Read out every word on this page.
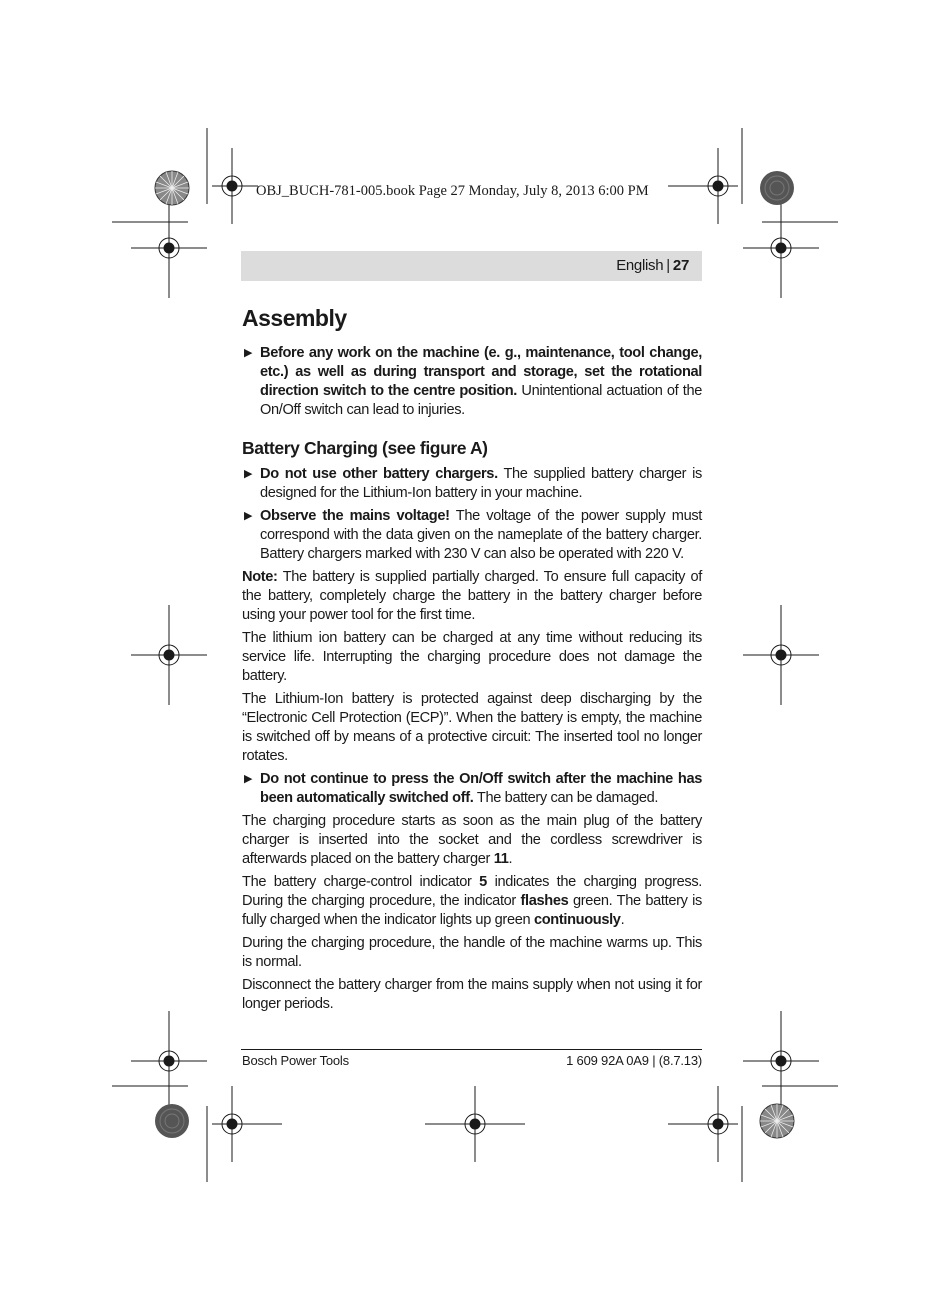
OBJ_BUCH-781-005.book Page 27 Monday, July 8, 2013 6:00 PM
English | 27
Assembly
▶ Before any work on the machine (e. g., maintenance, tool change, etc.) as well as during transport and storage, set the rotational direction switch to the centre position. Unintentional actuation of the On/Off switch can lead to injuries.
Battery Charging (see figure A)
▶ Do not use other battery chargers. The supplied battery charger is designed for the Lithium-Ion battery in your machine.
▶ Observe the mains voltage! The voltage of the power supply must correspond with the data given on the nameplate of the battery charger. Battery chargers marked with 230 V can also be operated with 220 V.

Note: The battery is supplied partially charged. To ensure full capacity of the battery, completely charge the battery in the battery charger before using your power tool for the first time.

The lithium ion battery can be charged at any time without reducing its service life. Interrupting the charging procedure does not damage the battery.

The Lithium-Ion battery is protected against deep discharging by the “Electronic Cell Protection (ECP)”. When the battery is empty, the machine is switched off by means of a protective circuit: The inserted tool no longer rotates.

▶ Do not continue to press the On/Off switch after the machine has been automatically switched off. The battery can be damaged.

The charging procedure starts as soon as the main plug of the battery charger is inserted into the socket and the cordless screwdriver is afterwards placed on the battery charger 11.

The battery charge-control indicator 5 indicates the charging progress. During the charging procedure, the indicator flashes green. The battery is fully charged when the indicator lights up green continuously.

During the charging procedure, the handle of the machine warms up. This is normal.

Disconnect the battery charger from the mains supply when not using it for longer periods.

Bosch Power Tools	1 609 92A 0A9 | (8.7.13)
